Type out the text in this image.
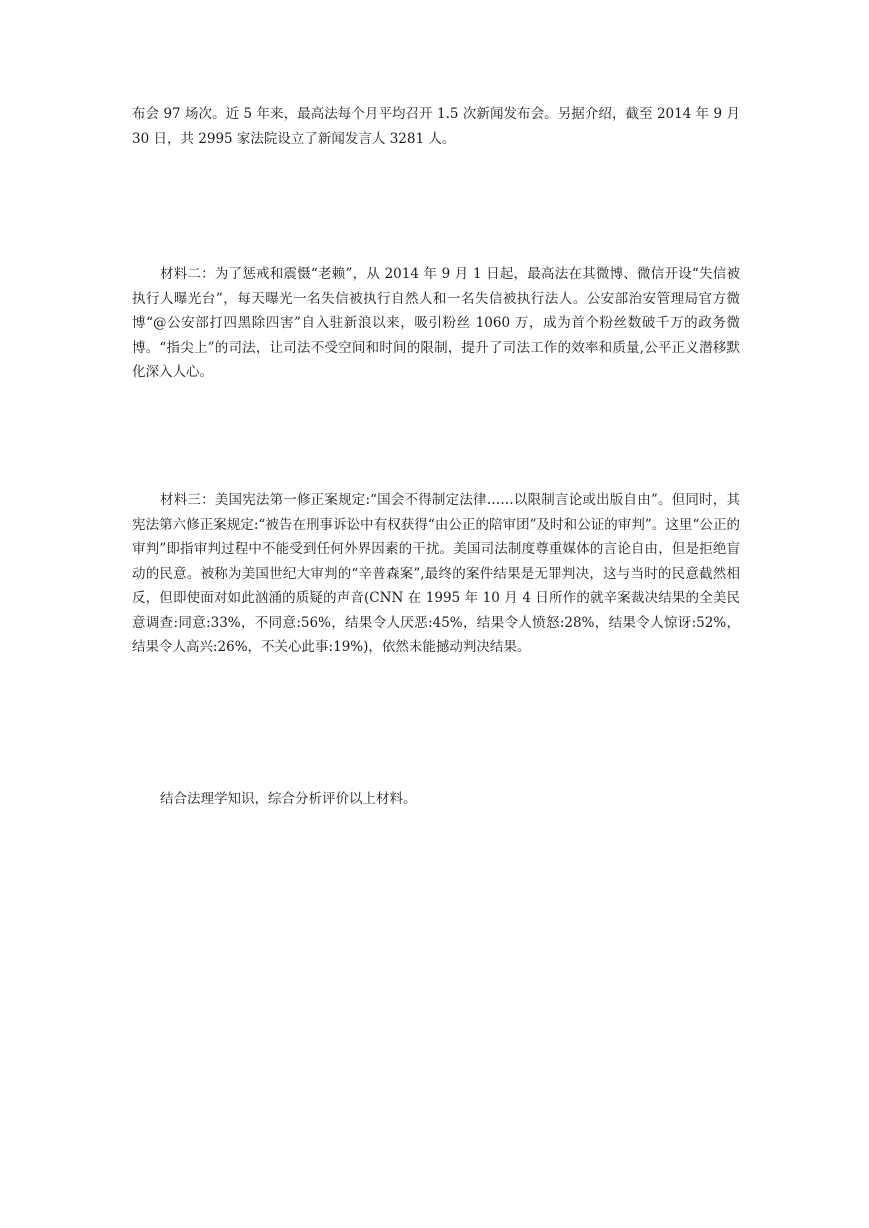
布会 97 场次。近 5 年来，最高法每个月平均召开 1.5 次新闻发布会。另据介绍，截至 2014 年 9 月 30 日，共 2995 家法院设立了新闻发言人 3281 人。

材料二：为了惩戒和震慑“老赖”，从 2014 年 9 月 1 日起，最高法在其微博、微信开设“失信被执行人曝光台”，每天曝光一名失信被执行自然人和一名失信被执行法人。公安部治安管理局官方微博“@公安部打四黑除四害”自入驻新浪以来，吸引粉丝 1060 万，成为首个粉丝数破千万的政务微博。“指尖上”的司法，让司法不受空间和时间的限制，提升了司法工作的效率和质量,公平正义潜移默化深入人心。

材料三：美国宪法第一修正案规定:“国会不得制定法律……以限制言论或出版自由”。但同时，其宪法第六修正案规定:“被告在刑事诉讼中有权获得“由公正的陪审团”及时和公证的审判”。这里“公正的审判”即指审判过程中不能受到任何外界因素的干扰。美国司法制度尊重媒体的言论自由，但是拒绝盲动的民意。被称为美国世纪大审判的“辛普森案”,最终的案件结果是无罪判决，这与当时的民意截然相反，但即使面对如此汹涌的质疑的声音(CNN 在 1995 年 10 月 4 日所作的就辛案裁决结果的全美民意调查:同意:33%，不同意:56%，结果令人厌恶:45%，结果令人愤怒:28%，结果令人惊讶:52%，结果令人高兴:26%，不关心此事:19%)，依然未能撼动判决结果。

结合法理学知识，综合分析评价以上材料。
